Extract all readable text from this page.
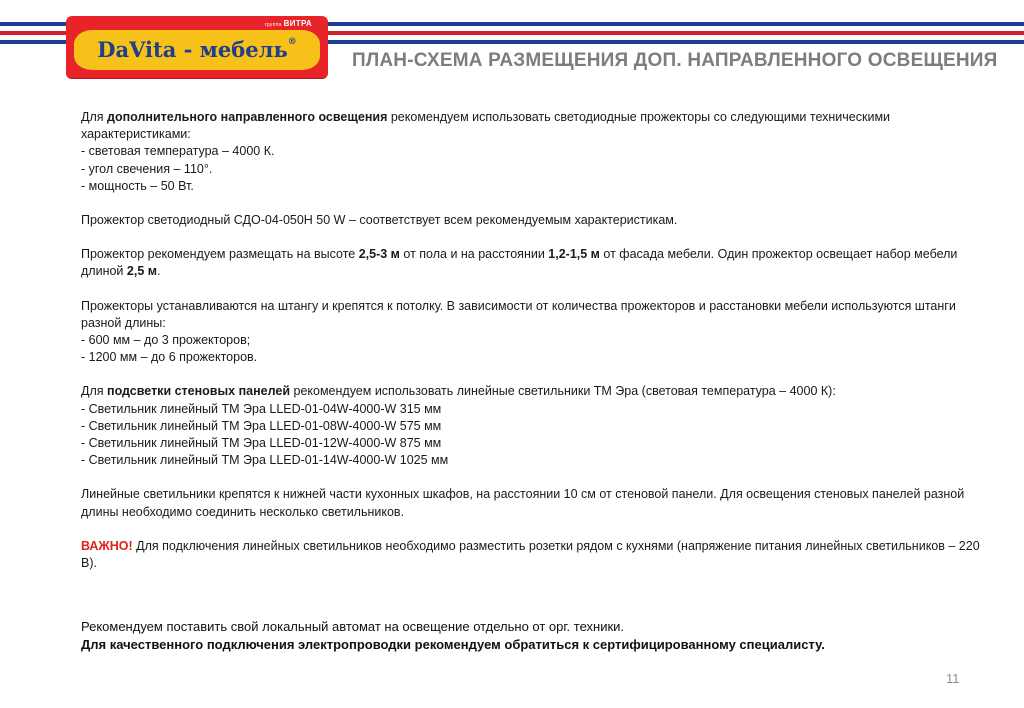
группа ВИТРА
DaVita - мебель®
ПЛАН-СХЕМА РАЗМЕЩЕНИЯ ДОП. НАПРАВЛЕННОГО ОСВЕЩЕНИЯ

Для дополнительного направленного освещения рекомендуем использовать светодиодные прожекторы со следующими техническими характеристиками:

- световая температура – 4000 К.

- угол свечения – 110°.

- мощность – 50 Вт.

Прожектор светодиодный СДО-04-050Н 50 W – соответствует всем рекомендуемым характеристикам.

Прожектор рекомендуем размещать на высоте 2,5-3 м от пола и на расстоянии 1,2-1,5 м от фасада мебели. Один прожектор освещает набор мебели длиной 2,5 м.

Прожекторы устанавливаются на штангу и крепятся к потолку. В зависимости от количества прожекторов и расстановки мебели используются штанги разной длины:

- 600 мм – до 3 прожекторов;

- 1200 мм – до 6 прожекторов.

Для подсветки стеновых панелей рекомендуем использовать линейные светильники ТМ Эра (световая температура – 4000 К):

- Светильник линейный ТМ Эра LLED-01-04W-4000-W 315 мм

- Светильник линейный ТМ Эра LLED-01-08W-4000-W 575 мм

- Светильник линейный ТМ Эра LLED-01-12W-4000-W 875 мм

- Светильник линейный ТМ Эра LLED-01-14W-4000-W 1025 мм

Линейные светильники крепятся к нижней части кухонных шкафов, на расстоянии 10 см от стеновой панели. Для освещения стеновых панелей разной длины необходимо соединить несколько светильников.

ВАЖНО! Для подключения линейных светильников необходимо разместить розетки рядом с кухнями (напряжение питания линейных светильников – 220 В).

Рекомендуем поставить свой локальный автомат на освещение отдельно от орг. техники.

Для качественного подключения электропроводки рекомендуем обратиться к сертифицированному специалисту.

11
